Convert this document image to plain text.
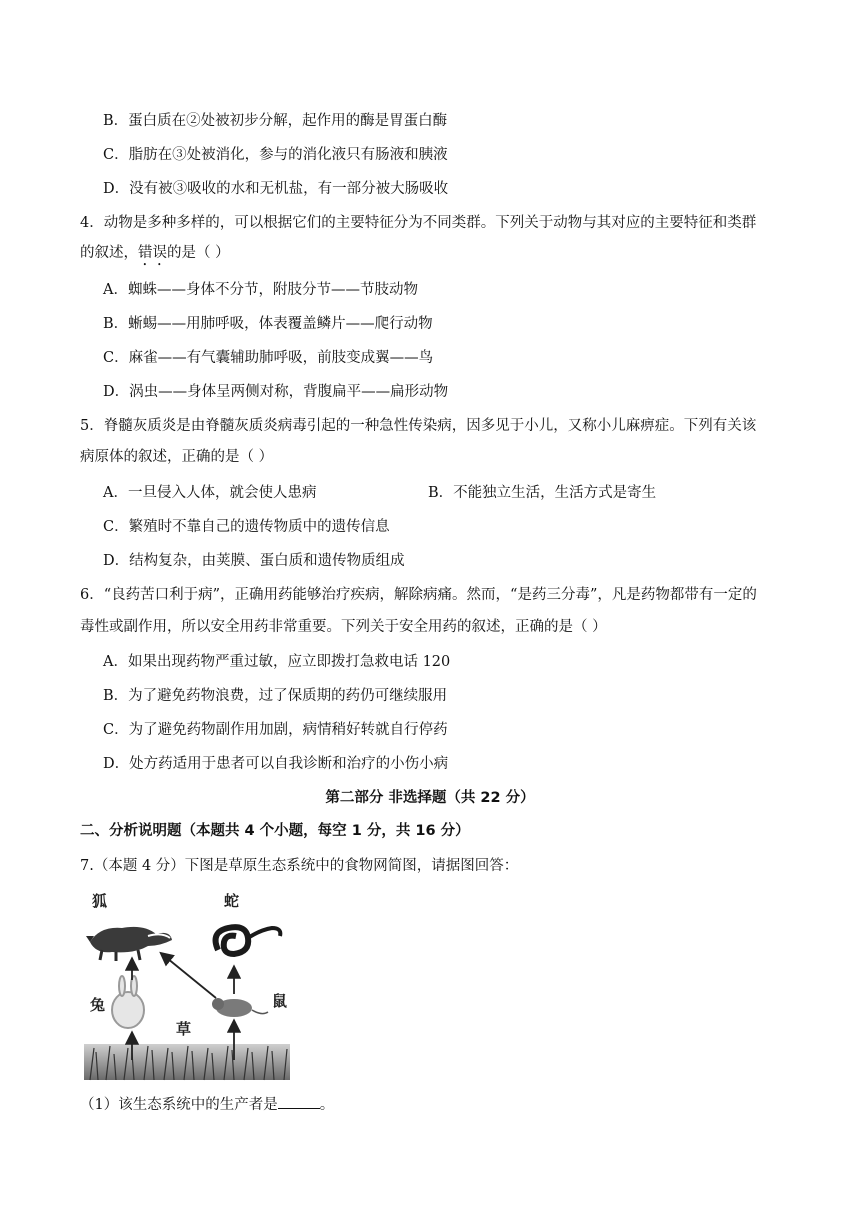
B．蛋白质在②处被初步分解，起作用的酶是胃蛋白酶
C．脂肪在③处被消化，参与的消化液只有肠液和胰液
D．没有被③吸收的水和无机盐，有一部分被大肠吸收
4．动物是多种多样的，可以根据它们的主要特征分为不同类群。下列关于动物与其对应的主要特征和类群
的叙述，错误的是（ ）
A．蜘蛛——身体不分节，附肢分节——节肢动物
B．蜥蜴——用肺呼吸，体表覆盖鳞片——爬行动物
C．麻雀——有气囊辅助肺呼吸，前肢变成翼——鸟
D．涡虫——身体呈两侧对称，背腹扁平——扁形动物
5．脊髓灰质炎是由脊髓灰质炎病毒引起的一种急性传染病，因多见于小儿，又称小儿麻痹症。下列有关该
病原体的叙述，正确的是（ ）
A．一旦侵入人体，就会使人患病	B．不能独立生活，生活方式是寄生
C．繁殖时不靠自己的遗传物质中的遗传信息
D．结构复杂，由荚膜、蛋白质和遗传物质组成
6．“良药苦口利于病”，正确用药能够治疗疾病，解除病痛。然而，“是药三分毒”，凡是药物都带有一定的
毒性或副作用，所以安全用药非常重要。下列关于安全用药的叙述，正确的是（ ）
A．如果出现药物严重过敏，应立即拨打急救电话 120
B．为了避免药物浪费，过了保质期的药仍可继续服用
C．为了避免药物副作用加剧，病情稍好转就自行停药
D．处方药适用于患者可以自我诊断和治疗的小伤小病
第二部分 非选择题（共 22 分）
二、分析说明题（本题共 4 个小题，每空 1 分，共 16 分）
7.（本题 4 分）下图是草原生态系统中的食物网简图，请据图回答：
狐	蛇
兔	鼠
草
（1）该生态系统中的生产者是	。
